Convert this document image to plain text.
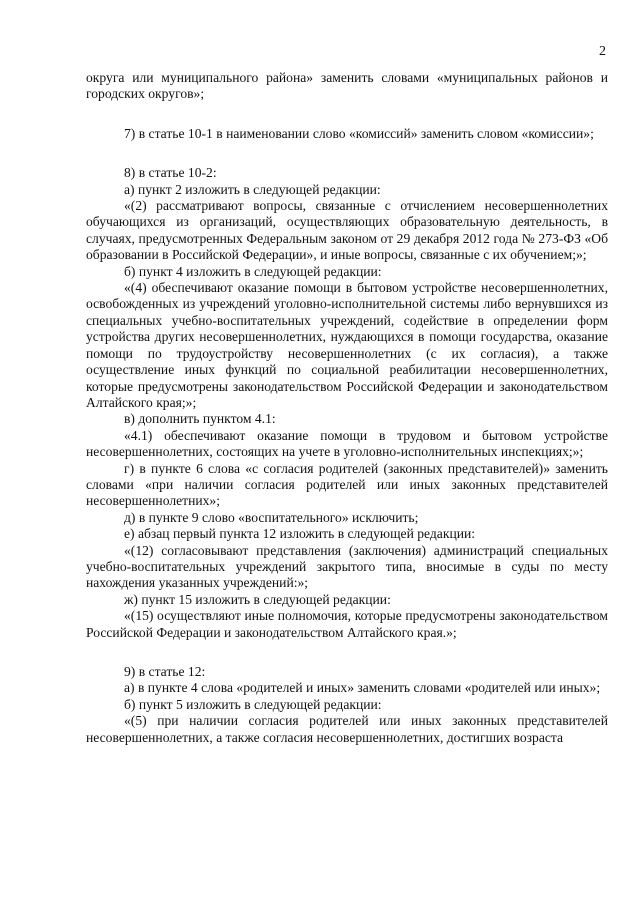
2

округа или муниципального района» заменить словами «муниципальных районов и городских округов»;

7) в статье 10-1 в наименовании слово «комиссий» заменить словом «комиссии»;

8) в статье 10-2:

а) пункт 2 изложить в следующей редакции:

«(2) рассматривают вопросы, связанные с отчислением несовершеннолетних обучающихся из организаций, осуществляющих образовательную деятельность, в случаях, предусмотренных Федеральным законом от 29 декабря 2012 года № 273-ФЗ «Об образовании в Российской Федерации», и иные вопросы, связанные с их обучением;»;

б) пункт 4 изложить в следующей редакции:

«(4) обеспечивают оказание помощи в бытовом устройстве несовершеннолетних, освобожденных из учреждений уголовно-исполнительной системы либо вернувшихся из специальных учебно-воспитательных учреждений, содействие в определении форм устройства других несовершеннолетних, нуждающихся в помощи государства, оказание помощи по трудоустройству несовершеннолетних (с их согласия), а также осуществление иных функций по социальной реабилитации несовершеннолетних, которые предусмотрены законодательством Российской Федерации и законодательством Алтайского края;»;

в) дополнить пунктом 4.1:

«4.1) обеспечивают оказание помощи в трудовом и бытовом устройстве несовершеннолетних, состоящих на учете в уголовно-исполнительных инспекциях;»;

г) в пункте 6 слова «с согласия родителей (законных представителей)» заменить словами «при наличии согласия родителей или иных законных представителей несовершеннолетних»;

д) в пункте 9 слово «воспитательного» исключить;

е) абзац первый пункта 12 изложить в следующей редакции:

«(12) согласовывают представления (заключения) администраций специальных учебно-воспитательных учреждений закрытого типа, вносимые в суды по месту нахождения указанных учреждений:»;

ж) пункт 15 изложить в следующей редакции:

«(15) осуществляют иные полномочия, которые предусмотрены законодательством Российской Федерации и законодательством Алтайского края.»;

9) в статье 12:

а) в пункте 4 слова «родителей и иных» заменить словами «родителей или иных»;

б) пункт 5 изложить в следующей редакции:

«(5) при наличии согласия родителей или иных законных представителей несовершеннолетних, а также согласия несовершеннолетних, достигших возраста
